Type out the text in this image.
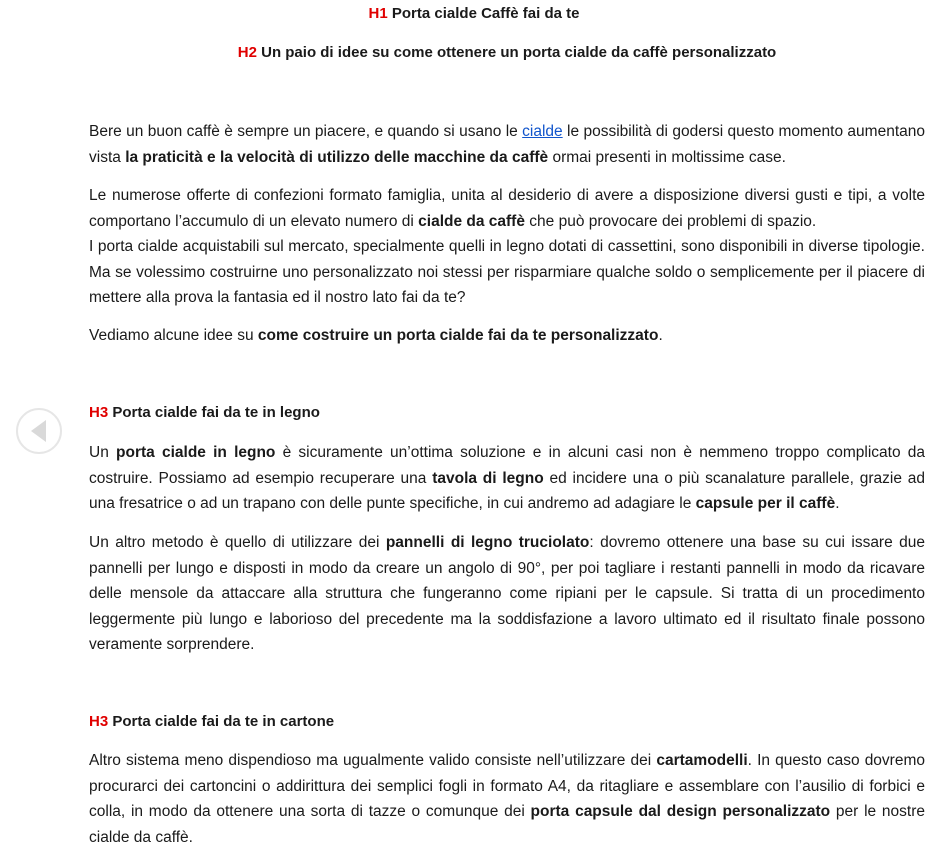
H1 Porta cialde Caffè fai da te
H2 Un paio di idee su come ottenere un porta cialde da caffè personalizzato

Bere un buon caffè è sempre un piacere, e quando si usano le cialde le possibilità di godersi questo momento aumentano vista la praticità e la velocità di utilizzo delle macchine da caffè ormai presenti in moltissime case.

Le numerose offerte di confezioni formato famiglia, unita al desiderio di avere a disposizione diversi gusti e tipi, a volte comportano l’accumulo di un elevato numero di cialde da caffè che può provocare dei problemi di spazio.

I porta cialde acquistabili sul mercato, specialmente quelli in legno dotati di cassettini, sono disponibili in diverse tipologie. Ma se volessimo costruirne uno personalizzato noi stessi per risparmiare qualche soldo o semplicemente per il piacere di mettere alla prova la fantasia ed il nostro lato fai da te?

Vediamo alcune idee su come costruire un porta cialde fai da te personalizzato.

H3 Porta cialde fai da te in legno

Un porta cialde in legno è sicuramente un’ottima soluzione e in alcuni casi non è nemmeno troppo complicato da costruire. Possiamo ad esempio recuperare una tavola di legno ed incidere una o più scanalature parallele, grazie ad una fresatrice o ad un trapano con delle punte specifiche, in cui andremo ad adagiare le capsule per il caffè.

Un altro metodo è quello di utilizzare dei pannelli di legno truciolato: dovremo ottenere una base su cui issare due pannelli per lungo e disposti in modo da creare un angolo di 90°, per poi tagliare i restanti pannelli in modo da ricavare delle mensole da attaccare alla struttura che fungeranno come ripiani per le capsule. Si tratta di un procedimento leggermente più lungo e laborioso del precedente ma la soddisfazione a lavoro ultimato ed il risultato finale possono veramente sorprendere.

H3 Porta cialde fai da te in cartone

Altro sistema meno dispendioso ma ugualmente valido consiste nell’utilizzare dei cartamodelli. In questo caso dovremo procurarci dei cartoncini o addirittura dei semplici fogli in formato A4, da ritagliare e assemblare con l’ausilio di forbici e colla, in modo da ottenere una sorta di tazze o comunque dei porta capsule dal design personalizzato per le nostre cialde da caffè.
